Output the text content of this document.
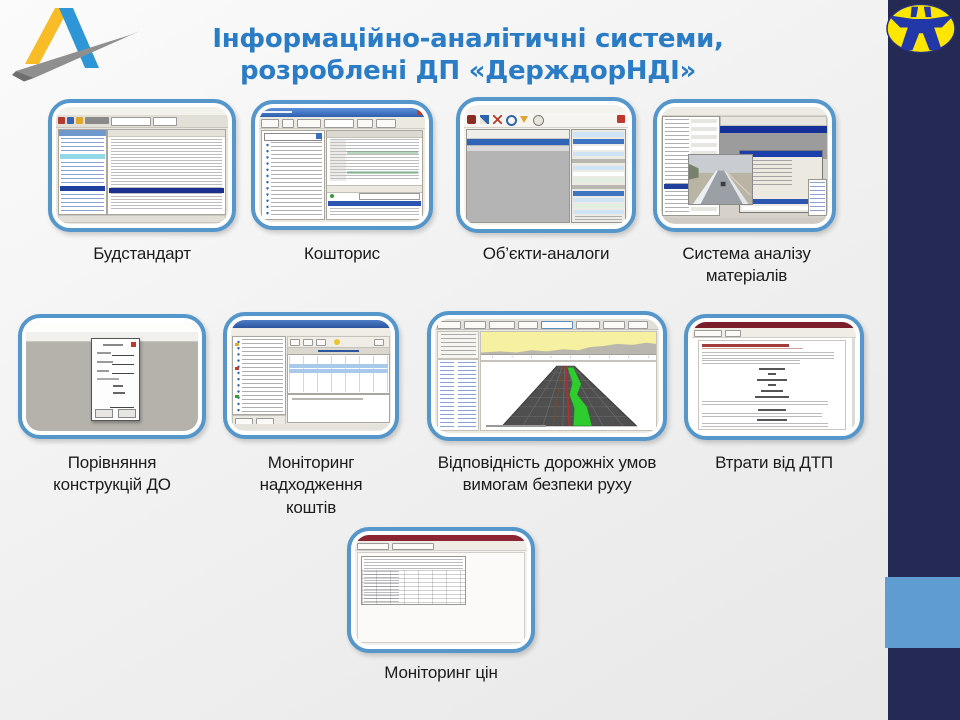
Інформаційно-аналітичні системи,
розроблені ДП «ДерждорНДІ»
Будстандарт	Кошторис	Об’єкти-аналоги	Система аналізу матеріалів
Порівняння конструкцій ДО
Моніторинг надходження коштів
Відповідність дорожніх умов вимогам безпеки руху
Втрати від ДТП
Моніторинг цін
